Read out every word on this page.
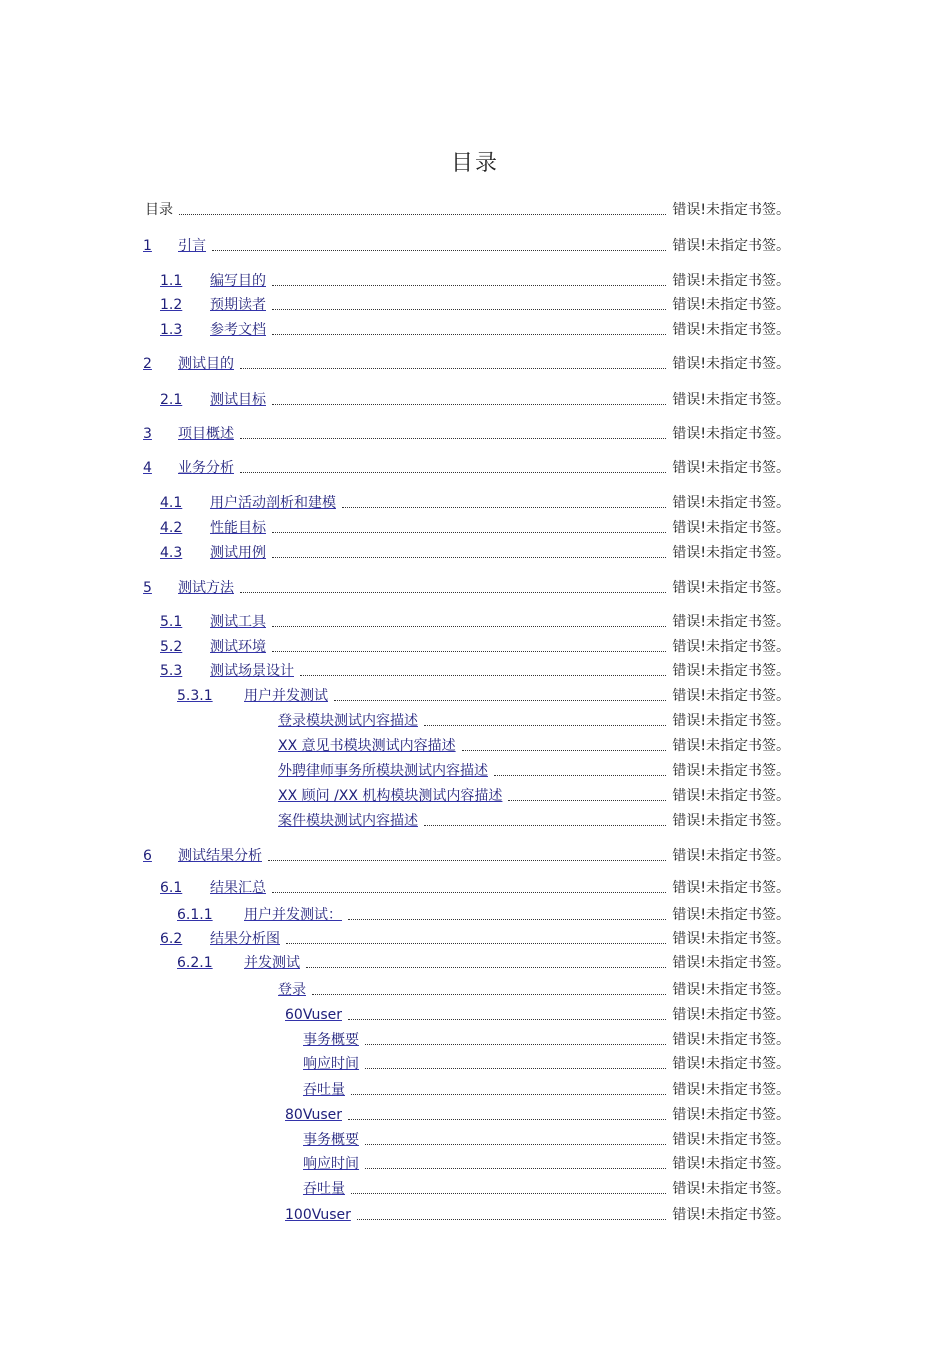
目录
目录	错误!未指定书签。
1	引言	错误!未指定书签。
1.1	编写目的	错误!未指定书签。
1.2	预期读者	错误!未指定书签。
1.3	参考文档	错误!未指定书签。
2	测试目的	错误!未指定书签。
2.1	测试目标	错误!未指定书签。
3	项目概述	错误!未指定书签。
4	业务分析	错误!未指定书签。
4.1	用户活动剖析和建模	错误!未指定书签。
4.2	性能目标	错误!未指定书签。
4.3	测试用例	错误!未指定书签。
5	测试方法	错误!未指定书签。
5.1	测试工具	错误!未指定书签。
5.2	测试环境	错误!未指定书签。
5.3	测试场景设计	错误!未指定书签。
5.3.1	用户并发测试	错误!未指定书签。
登录模块测试内容描述	错误!未指定书签。
XX 意见书模块测试内容描述	错误!未指定书签。
外聘律师事务所模块测试内容描述	错误!未指定书签。
XX 顾问 /XX 机构模块测试内容描述	错误!未指定书签。
案件模块测试内容描述	错误!未指定书签。
6	测试结果分析	错误!未指定书签。
6.1	结果汇总	错误!未指定书签。
6.1.1	用户并发测试：	错误!未指定书签。
6.2	结果分析图	错误!未指定书签。
6.2.1	并发测试	错误!未指定书签。
登录	错误!未指定书签。
60Vuser	错误!未指定书签。
事务概要	错误!未指定书签。
响应时间	错误!未指定书签。
吞吐量	错误!未指定书签。
80Vuser	错误!未指定书签。
事务概要	错误!未指定书签。
响应时间	错误!未指定书签。
吞吐量	错误!未指定书签。
100Vuser	错误!未指定书签。
